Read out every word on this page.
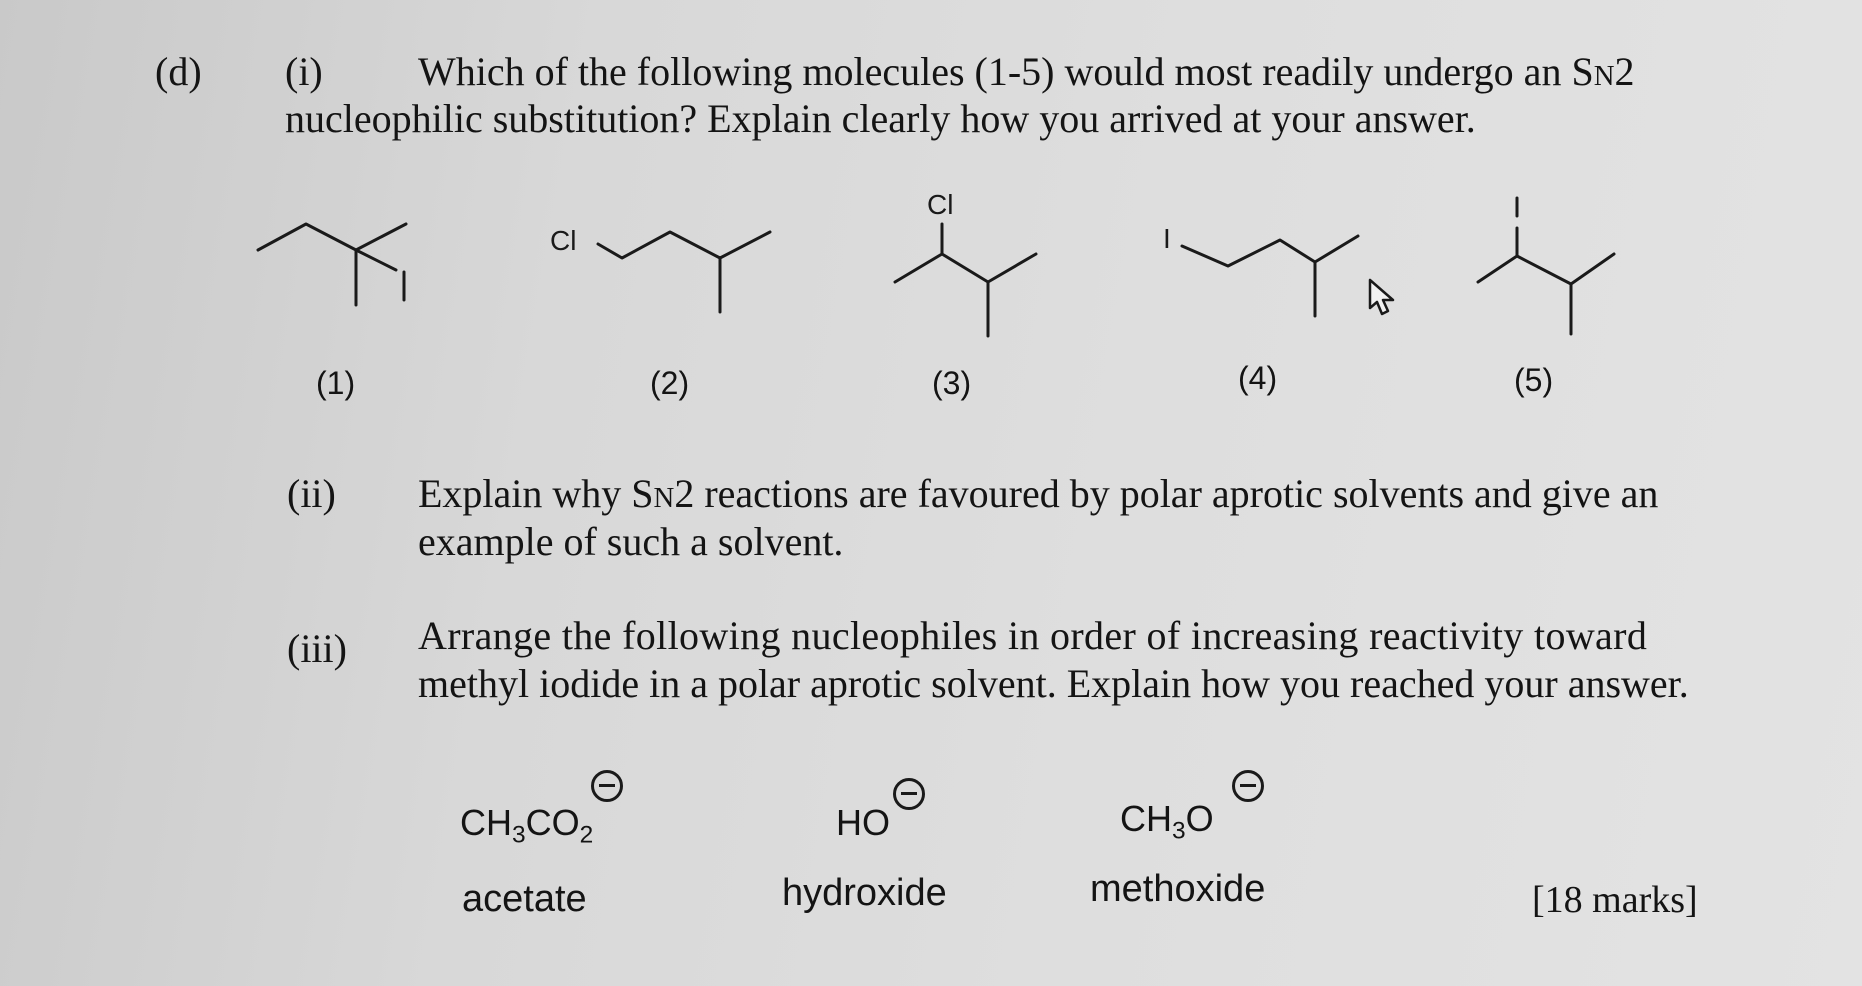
(d) (i) Which of the following molecules (1-5) would most readily undergo an SN2
nucleophilic substitution? Explain clearly how you arrived at your answer.
Cl
Cl
I
(1)	(2)	(3)	(4)	(5)
(ii) Explain why SN2 reactions are favoured by polar aprotic solvents and give an
example of such a solvent.
(iii) Arrange the following nucleophiles in order of increasing reactivity toward
methyl iodide in a polar aprotic solvent. Explain how you reached your answer.
$CH_3CO_2$
acetate
HO
hydroxide
$CH_3O$
methoxide	[18 marks]
